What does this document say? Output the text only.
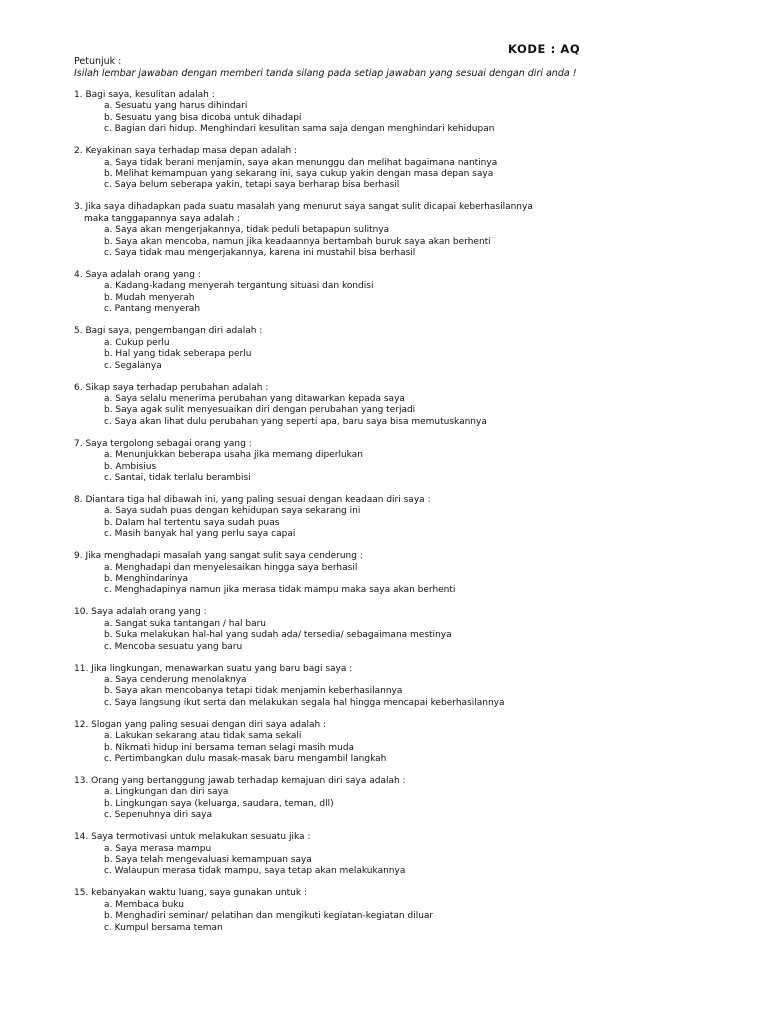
KODE : AQ
Petunjuk :
Isilah lembar jawaban dengan memberi tanda silang pada setiap jawaban yang sesuai dengan diri anda !
1. Bagi saya, kesulitan adalah :
a. Sesuatu yang harus dihindari
b. Sesuatu yang bisa dicoba untuk dihadapi
c. Bagian dari hidup. Menghindari kesulitan sama saja dengan menghindari kehidupan
2. Keyakinan saya terhadap masa depan adalah :
a. Saya tidak berani menjamin, saya akan menunggu dan melihat bagaimana nantinya
b. Melihat kemampuan yang sekarang ini, saya cukup yakin dengan masa depan saya
c. Saya belum seberapa yakin, tetapi saya berharap bisa berhasil
3. Jika saya dihadapkan pada suatu masalah yang menurut saya sangat sulit dicapai keberhasilannya
maka tanggapannya saya adalah :
a. Saya akan mengerjakannya, tidak peduli betapapun sulitnya
b. Saya akan mencoba, namun jika keadaannya bertambah buruk saya akan berhenti
c. Saya tidak mau mengerjakannya, karena ini mustahil bisa berhasil
4. Saya adalah orang yang :
a. Kadang-kadang menyerah tergantung situasi dan kondisi
b. Mudah menyerah
c. Pantang menyerah
5. Bagi saya, pengembangan diri adalah :
a. Cukup perlu
b. Hal yang tidak seberapa perlu
c. Segalanya
6. Sikap saya terhadap perubahan adalah :
a. Saya selalu menerima perubahan yang ditawarkan kepada saya
b. Saya agak sulit menyesuaikan diri dengan perubahan yang terjadi
c. Saya akan lihat dulu perubahan yang seperti apa, baru saya bisa memutuskannya
7. Saya tergolong sebagai orang yang :
a. Menunjukkan beberapa usaha jika memang diperlukan
b. Ambisius
c. Santai, tidak terlalu berambisi
8. Diantara tiga hal dibawah ini, yang paling sesuai dengan keadaan diri saya :
a. Saya sudah puas dengan kehidupan saya sekarang ini
b. Dalam hal tertentu saya sudah puas
c. Masih banyak hal yang perlu saya capai
9. Jika menghadapi masalah yang sangat sulit saya cenderung :
a. Menghadapi dan menyelesaikan hingga saya berhasil
b. Menghindarinya
c. Menghadapinya namun jika merasa tidak mampu maka saya akan berhenti
10. Saya adalah orang yang :
a. Sangat suka tantangan / hal baru
b. Suka melakukan hal-hal yang sudah ada/ tersedia/ sebagaimana mestinya
c. Mencoba sesuatu yang baru
11. Jika lingkungan, menawarkan suatu yang baru bagi saya :
a. Saya cenderung menolaknya
b. Saya akan mencobanya tetapi tidak menjamin keberhasilannya
c. Saya langsung ikut serta dan melakukan segala hal hingga mencapai keberhasilannya
12. Slogan yang paling sesuai dengan diri saya adalah :
a. Lakukan sekarang atau tidak sama sekali
b. Nikmati hidup ini bersama teman selagi masih muda
c. Pertimbangkan dulu masak-masak baru mengambil langkah
13. Orang yang bertanggung jawab terhadap kemajuan diri saya adalah :
a. Lingkungan dan diri saya
b. Lingkungan saya (keluarga, saudara, teman, dll)
c. Sepenuhnya diri saya
14. Saya termotivasi untuk melakukan sesuatu jika :
a. Saya merasa mampu
b. Saya telah mengevaluasi kemampuan saya
c. Walaupun merasa tidak mampu, saya tetap akan melakukannya
15. kebanyakan waktu luang, saya gunakan untuk :
a. Membaca buku
b. Menghadiri seminar/ pelatihan dan mengikuti kegiatan-kegiatan diluar
c. Kumpul bersama teman
